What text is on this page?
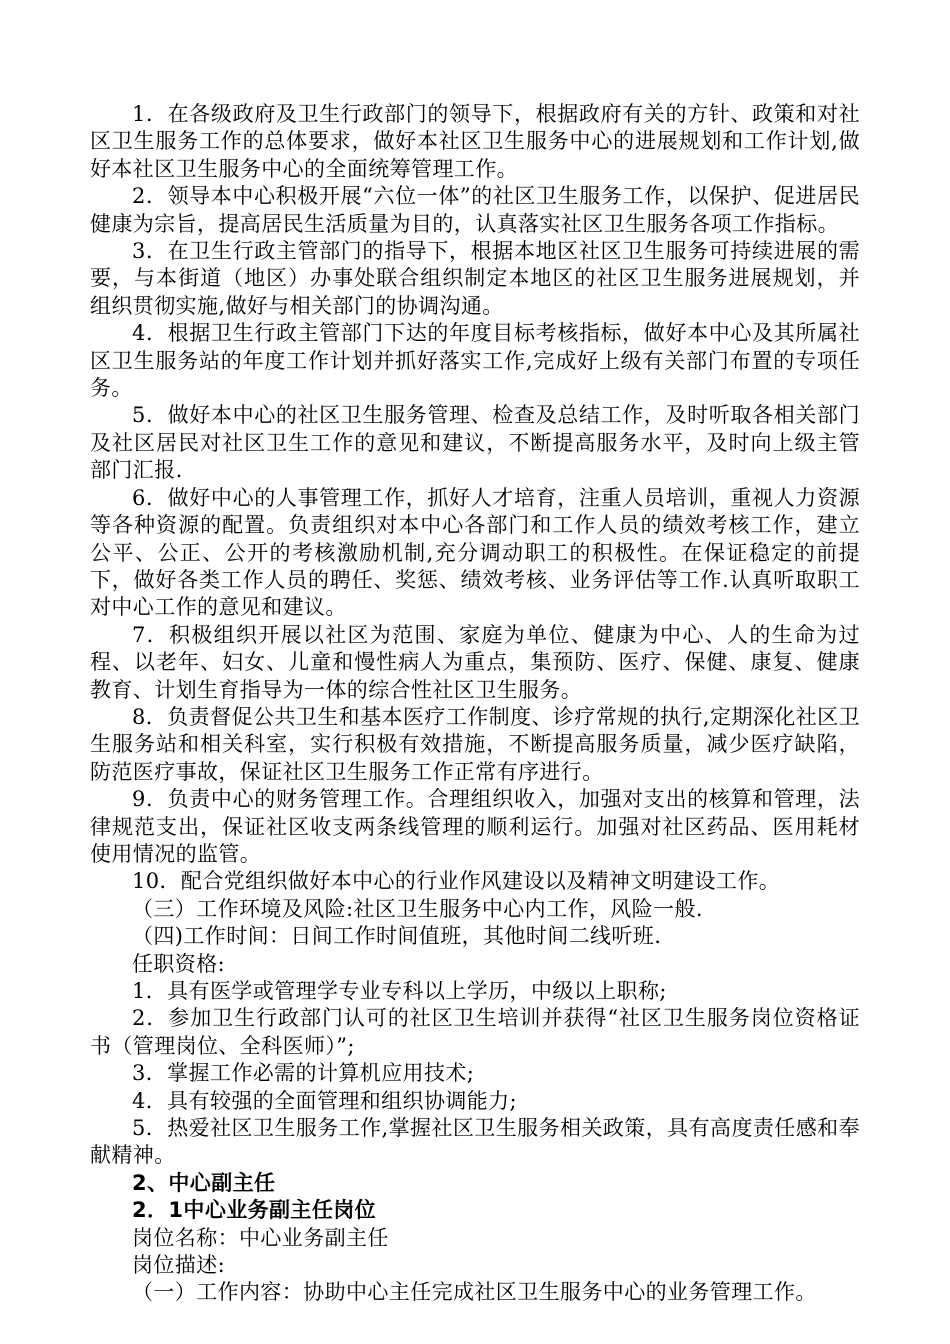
1．在各级政府及卫生行政部门的领导下，根据政府有关的方针、政策和对社区卫生服务工作的总体要求，做好本社区卫生服务中心的进展规划和工作计划,做好本社区卫生服务中心的全面统筹管理工作。

2．领导本中心积极开展“六位一体”的社区卫生服务工作，以保护、促进居民健康为宗旨，提高居民生活质量为目的，认真落实社区卫生服务各项工作指标。

3．在卫生行政主管部门的指导下，根据本地区社区卫生服务可持续进展的需要，与本街道（地区）办事处联合组织制定本地区的社区卫生服务进展规划，并组织贯彻实施,做好与相关部门的协调沟通。

4．根据卫生行政主管部门下达的年度目标考核指标，做好本中心及其所属社区卫生服务站的年度工作计划并抓好落实工作,完成好上级有关部门布置的专项任务。

5．做好本中心的社区卫生服务管理、检查及总结工作，及时听取各相关部门及社区居民对社区卫生工作的意见和建议，不断提高服务水平，及时向上级主管部门汇报.

6．做好中心的人事管理工作，抓好人才培育，注重人员培训，重视人力资源等各种资源的配置。负责组织对本中心各部门和工作人员的绩效考核工作，建立公平、公正、公开的考核激励机制,充分调动职工的积极性。在保证稳定的前提下，做好各类工作人员的聘任、奖惩、绩效考核、业务评估等工作.认真听取职工对中心工作的意见和建议。

7．积极组织开展以社区为范围、家庭为单位、健康为中心、人的生命为过程、以老年、妇女、儿童和慢性病人为重点，集预防、医疗、保健、康复、健康教育、计划生育指导为一体的综合性社区卫生服务。

8．负责督促公共卫生和基本医疗工作制度、诊疗常规的执行,定期深化社区卫生服务站和相关科室，实行积极有效措施，不断提高服务质量，减少医疗缺陷，防范医疗事故，保证社区卫生服务工作正常有序进行。

9．负责中心的财务管理工作。合理组织收入，加强对支出的核算和管理，法律规范支出，保证社区收支两条线管理的顺利运行。加强对社区药品、医用耗材使用情况的监管。

10．配合党组织做好本中心的行业作风建设以及精神文明建设工作。

（三）工作环境及风险:社区卫生服务中心内工作，风险一般.

（四)工作时间：日间工作时间值班，其他时间二线听班.

任职资格:

1．具有医学或管理学专业专科以上学历，中级以上职称;

2．参加卫生行政部门认可的社区卫生培训并获得“社区卫生服务岗位资格证书（管理岗位、全科医师）”;

3．掌握工作必需的计算机应用技术;

4．具有较强的全面管理和组织协调能力;

5．热爱社区卫生服务工作,掌握社区卫生服务相关政策，具有高度责任感和奉献精神。

2、中心副主任

2．1中心业务副主任岗位

岗位名称：中心业务副主任

岗位描述:

（一）工作内容：协助中心主任完成社区卫生服务中心的业务管理工作。
